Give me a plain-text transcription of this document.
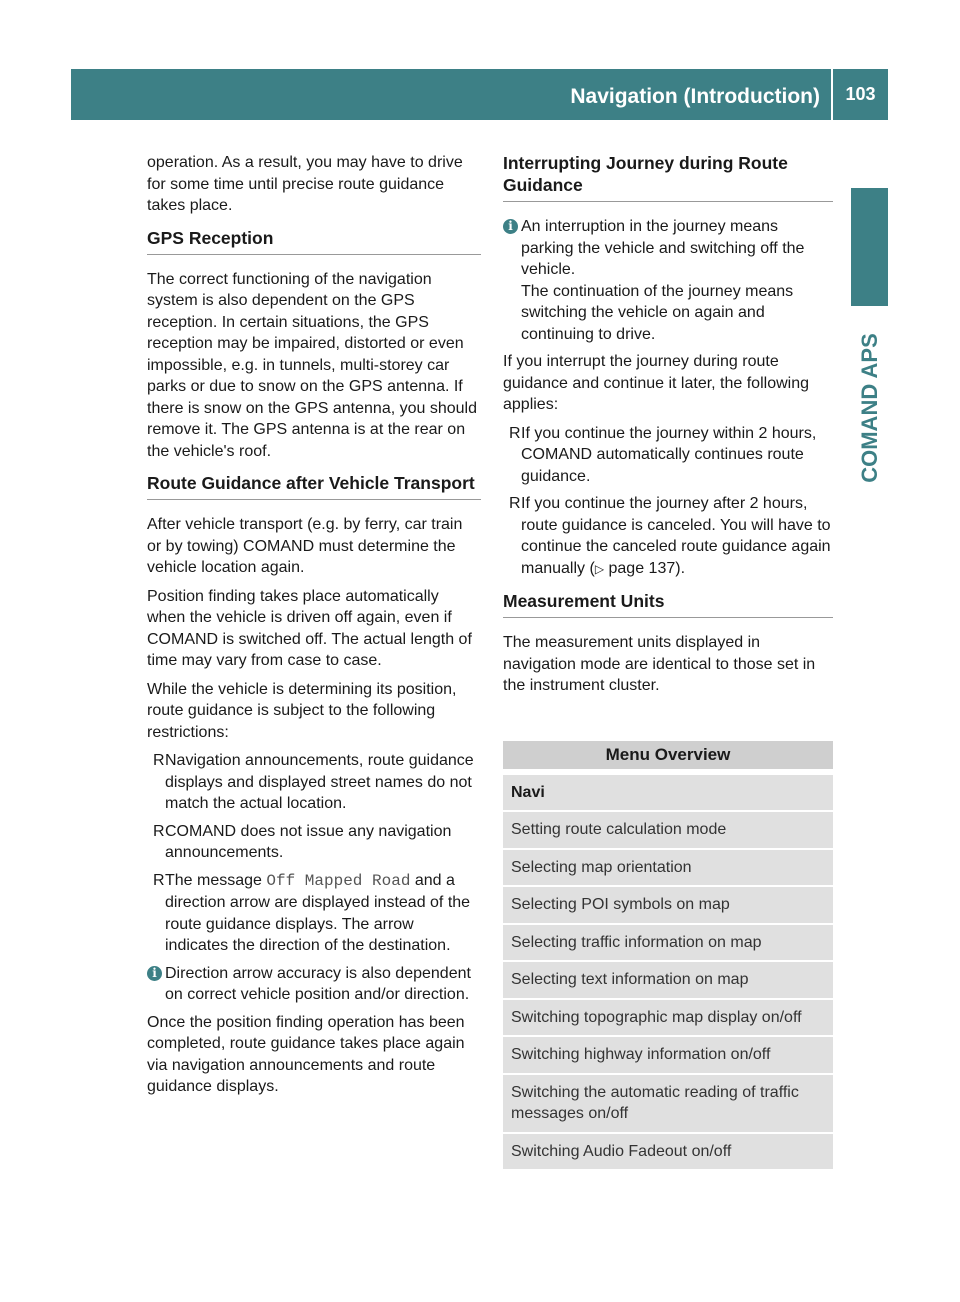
Navigation (Introduction)	103
COMAND APS

operation. As a result, you may have to drive for some time until precise route guidance takes place.

GPS Reception

The correct functioning of the navigation system is also dependent on the GPS reception. In certain situations, the GPS reception may be impaired, distorted or even impossible, e.g. in tunnels, multi-storey car parks or due to snow on the GPS antenna. If there is snow on the GPS antenna, you should remove it. The GPS antenna is at the rear on the vehicle's roof.

Route Guidance after Vehicle Transport

After vehicle transport (e.g. by ferry, car train or by towing) COMAND must determine the vehicle location again.

Position finding takes place automatically when the vehicle is driven off again, even if COMAND is switched off. The actual length of time may vary from case to case.

While the vehicle is determining its position, route guidance is subject to the following restrictions:

R Navigation announcements, route guidance displays and displayed street names do not match the actual location.
R COMAND does not issue any navigation announcements.
R The message Off Mapped Road and a direction arrow are displayed instead of the route guidance displays. The arrow indicates the direction of the destination.
i Direction arrow accuracy is also dependent on correct vehicle position and/or direction.

Once the position finding operation has been completed, route guidance takes place again via navigation announcements and route guidance displays.

Interrupting Journey during Route Guidance
i An interruption in the journey means parking the vehicle and switching off the vehicle.
The continuation of the journey means switching the vehicle on again and continuing to drive.

If you interrupt the journey during route guidance and continue it later, the following applies:

R If you continue the journey within 2 hours, COMAND automatically continues route guidance.
R If you continue the journey after 2 hours, route guidance is canceled. You will have to continue the canceled route guidance again manually (▷ page 137).
Measurement Units

The measurement units displayed in navigation mode are identical to those set in the instrument cluster.

Menu Overview
Navi
Setting route calculation mode
Selecting map orientation
Selecting POI symbols on map
Selecting traffic information on map
Selecting text information on map
Switching topographic map display on/off
Switching highway information on/off
Switching the automatic reading of traffic messages on/off
Switching Audio Fadeout on/off
